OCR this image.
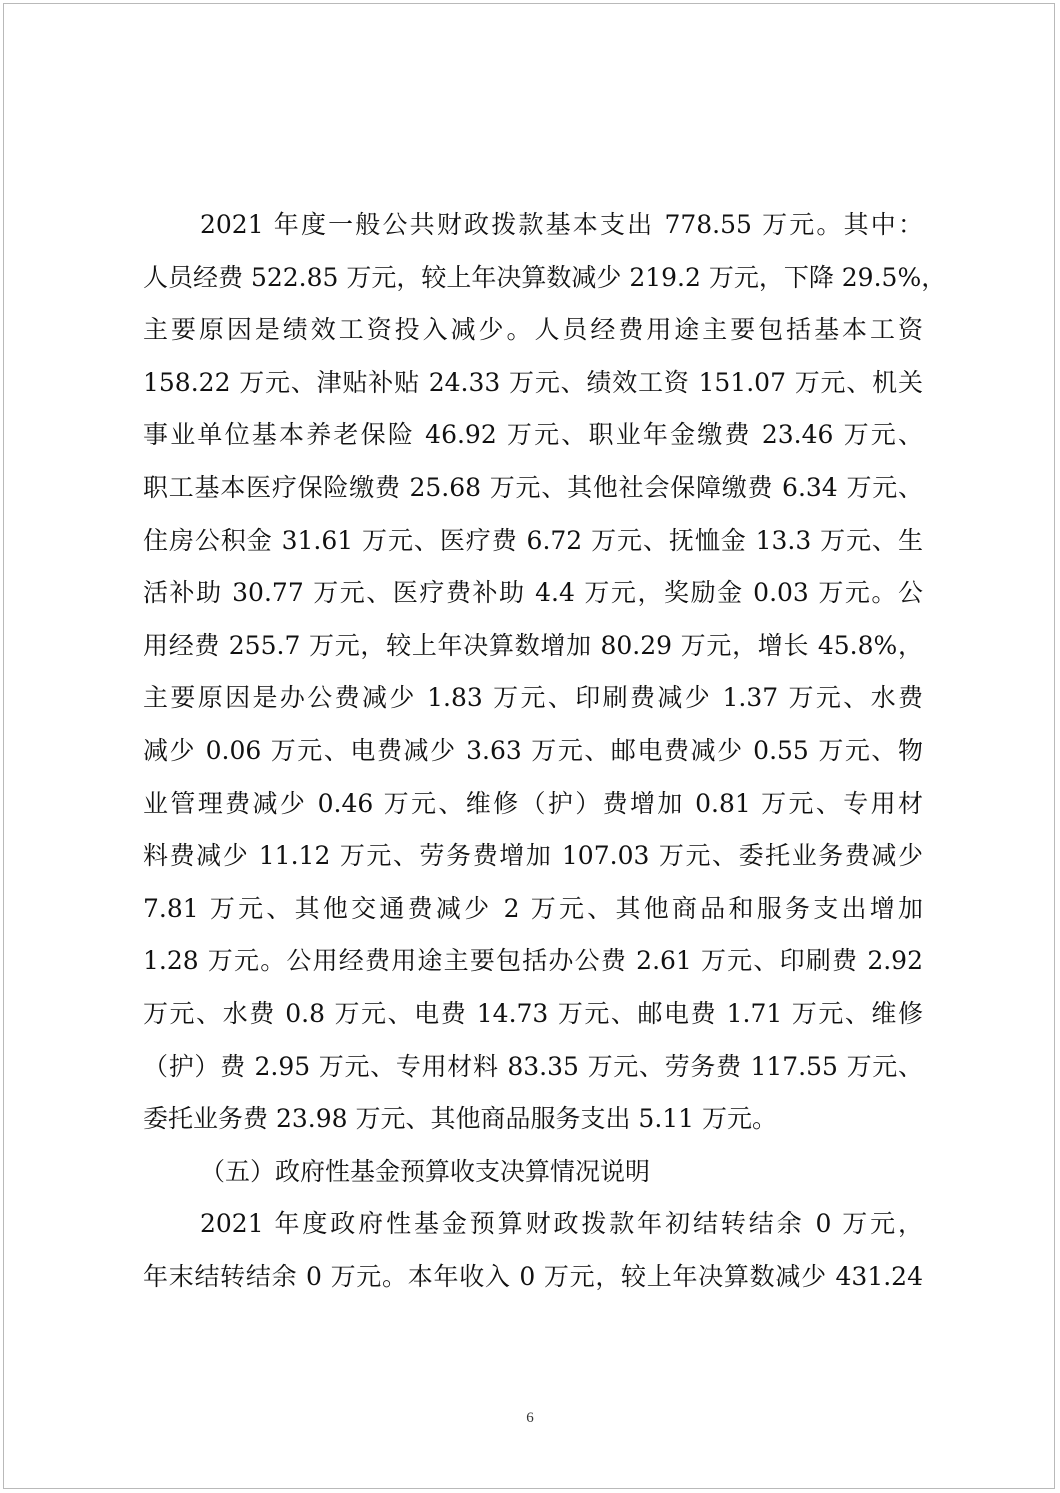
2021 年度一般公共财政拨款基本支出 778.55 万元。其中：
人员经费 522.85 万元，较上年决算数减少 219.2 万元，下降 29.5%，
主要原因是绩效工资投入减少。人员经费用途主要包括基本工资
158.22 万元、津贴补贴 24.33 万元、绩效工资 151.07 万元、机关
事业单位基本养老保险 46.92 万元、职业年金缴费 23.46 万元、
职工基本医疗保险缴费 25.68 万元、其他社会保障缴费 6.34 万元、
住房公积金 31.61 万元、医疗费 6.72 万元、抚恤金 13.3 万元、生
活补助 30.77 万元、医疗费补助 4.4 万元，奖励金 0.03 万元。公
用经费 255.7 万元，较上年决算数增加 80.29 万元，增长 45.8%，
主要原因是办公费减少 1.83 万元、印刷费减少 1.37 万元、水费
减少 0.06 万元、电费减少 3.63 万元、邮电费减少 0.55 万元、物
业管理费减少 0.46 万元、维修（护）费增加 0.81 万元、专用材
料费减少 11.12 万元、劳务费增加 107.03 万元、委托业务费减少
7.81 万元、其他交通费减少 2 万元、其他商品和服务支出增加
1.28 万元。公用经费用途主要包括办公费 2.61 万元、印刷费 2.92
万元、水费 0.8 万元、电费 14.73 万元、邮电费 1.71 万元、维修
（护）费 2.95 万元、专用材料 83.35 万元、劳务费 117.55 万元、
委托业务费 23.98 万元、其他商品服务支出 5.11 万元。
（五）政府性基金预算收支决算情况说明
2021 年度政府性基金预算财政拨款年初结转结余 0 万元，
年末结转结余 0 万元。本年收入 0 万元，较上年决算数减少 431.24
6
